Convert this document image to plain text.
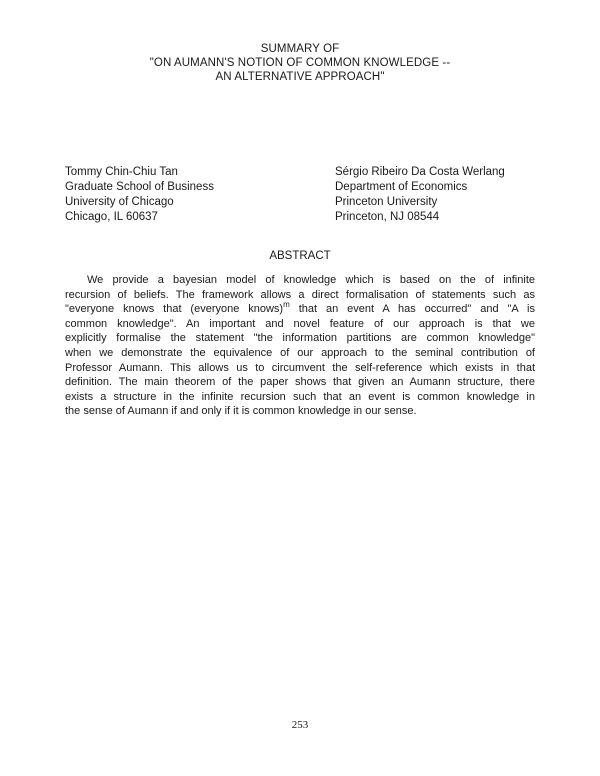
SUMMARY OF
"ON AUMANN'S NOTION OF COMMON KNOWLEDGE --
AN ALTERNATIVE APPROACH"
Tommy Chin-Chiu Tan
Graduate School of Business
University of Chicago
Chicago, IL 60637
Sérgio Ribeiro Da Costa Werlang
Department of Economics
Princeton University
Princeton, NJ 08544
ABSTRACT
We provide a bayesian model of knowledge which is based on the of infinite
recursion of beliefs. The framework allows a direct formalisation of statements such as
"everyone knows that (everyone knows)$^m$ that an event A has occurred" and "A is
common knowledge". An important and novel feature of our approach is that we
explicitly formalise the statement "the information partitions are common knowledge"
when we demonstrate the equivalence of our approach to the seminal contribution of
Professor Aumann. This allows us to circumvent the self-reference which exists in that
definition. The main theorem of the paper shows that given an Aumann structure, there
exists a structure in the infinite recursion such that an event is common knowledge in
the sense of Aumann if and only if it is common knowledge in our sense.
253
